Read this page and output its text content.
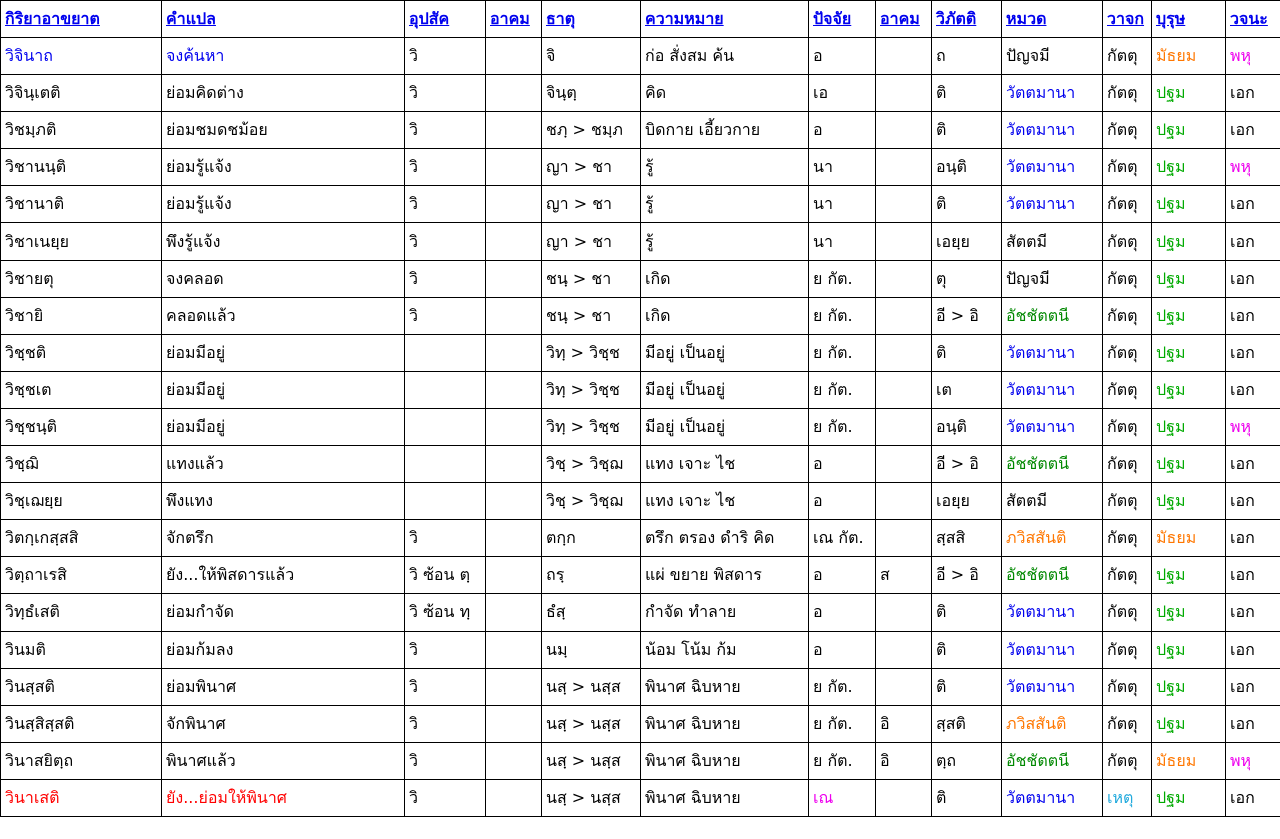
กิริยาอาขยาต	คำแปล	อุปสัค	อาคม	ธาตุ	ความหมาย	ปัจจัย	อาคม	วิภัตติ	หมวด	วาจก	บุรุษ	วจนะ
วิจินาถ	จงค้นหา	วิ		จิ	ก่อ สั่งสม ค้น	อ		ถ	ปัญจมี	กัตตุ	มัธยม	พหุ
วิจินฺเตติ	ย่อมคิดต่าง	วิ		จินฺตฺ	คิด	เอ		ติ	วัตตมานา	กัตตุ	ปฐม	เอก
วิชมฺภติ	ย่อมชมดชม้อย	วิ		ชภฺ > ชมฺภ	บิดกาย เอี้ยวกาย	อ		ติ	วัตตมานา	กัตตุ	ปฐม	เอก
วิชานนฺติ	ย่อมรู้แจ้ง	วิ		ญา > ชา	รู้	นา		อนฺติ	วัตตมานา	กัตตุ	ปฐม	พหุ
วิชานาติ	ย่อมรู้แจ้ง	วิ		ญา > ชา	รู้	นา		ติ	วัตตมานา	กัตตุ	ปฐม	เอก
วิชาเนยฺย	พึงรู้แจ้ง	วิ		ญา > ชา	รู้	นา		เอยฺย	สัตตมี	กัตตุ	ปฐม	เอก
วิชายตุ	จงคลอด	วิ		ชนฺ > ชา	เกิด	ย กัต.		ตุ	ปัญจมี	กัตตุ	ปฐม	เอก
วิชายิ	คลอดแล้ว	วิ		ชนฺ > ชา	เกิด	ย กัต.		อี > อิ	อัชชัตตนี	กัตตุ	ปฐม	เอก
วิชฺชติ	ย่อมมีอยู่			วิทฺ > วิชฺช	มีอยู่ เป็นอยู่	ย กัต.		ติ	วัตตมานา	กัตตุ	ปฐม	เอก
วิชฺชเต	ย่อมมีอยู่			วิทฺ > วิชฺช	มีอยู่ เป็นอยู่	ย กัต.		เต	วัตตมานา	กัตตุ	ปฐม	เอก
วิชฺชนฺติ	ย่อมมีอยู่			วิทฺ > วิชฺช	มีอยู่ เป็นอยู่	ย กัต.		อนฺติ	วัตตมานา	กัตตุ	ปฐม	พหุ
วิชฺฌิ	แทงแล้ว			วิชฺ > วิชฺฌ	แทง เจาะ ไช	อ		อี > อิ	อัชชัตตนี	กัตตุ	ปฐม	เอก
วิชฺเฌยฺย	พึงแทง			วิชฺ > วิชฺฌ	แทง เจาะ ไช	อ		เอยฺย	สัตตมี	กัตตุ	ปฐม	เอก
วิตกฺเกสฺสสิ	จักตรึก	วิ		ตกฺก	ตรึก ตรอง ดำริ คิด	เณ กัต.		สฺสสิ	ภวิสสันติ	กัตตุ	มัธยม	เอก
วิตฺถาเรสิ	ยัง...ให้พิสดารแล้ว	วิ ซ้อน ตฺ		ถรฺ	แผ่ ขยาย พิสดาร	อ	ส	อี > อิ	อัชชัตตนี	กัตตุ	ปฐม	เอก
วิทฺธํเสติ	ย่อมกำจัด	วิ ซ้อน ทฺ		ธํสฺ	กำจัด ทำลาย	อ		ติ	วัตตมานา	กัตตุ	ปฐม	เอก
วินมติ	ย่อมก้มลง	วิ		นมฺ	น้อม โน้ม ก้ม	อ		ติ	วัตตมานา	กัตตุ	ปฐม	เอก
วินสฺสติ	ย่อมพินาศ	วิ		นสฺ > นสฺส	พินาศ ฉิบหาย	ย กัต.		ติ	วัตตมานา	กัตตุ	ปฐม	เอก
วินสฺสิสฺสติ	จักพินาศ	วิ		นสฺ > นสฺส	พินาศ ฉิบหาย	ย กัต.	อิ	สฺสติ	ภวิสสันติ	กัตตุ	ปฐม	เอก
วินาสยิตฺถ	พินาศแล้ว	วิ		นสฺ > นสฺส	พินาศ ฉิบหาย	ย กัต.	อิ	ตฺถ	อัชชัตตนี	กัตตุ	มัธยม	พหุ
วินาเสติ	ยัง...ย่อมให้พินาศ	วิ		นสฺ > นสฺส	พินาศ ฉิบหาย	เณ		ติ	วัตตมานา	เหตุ	ปฐม	เอก
